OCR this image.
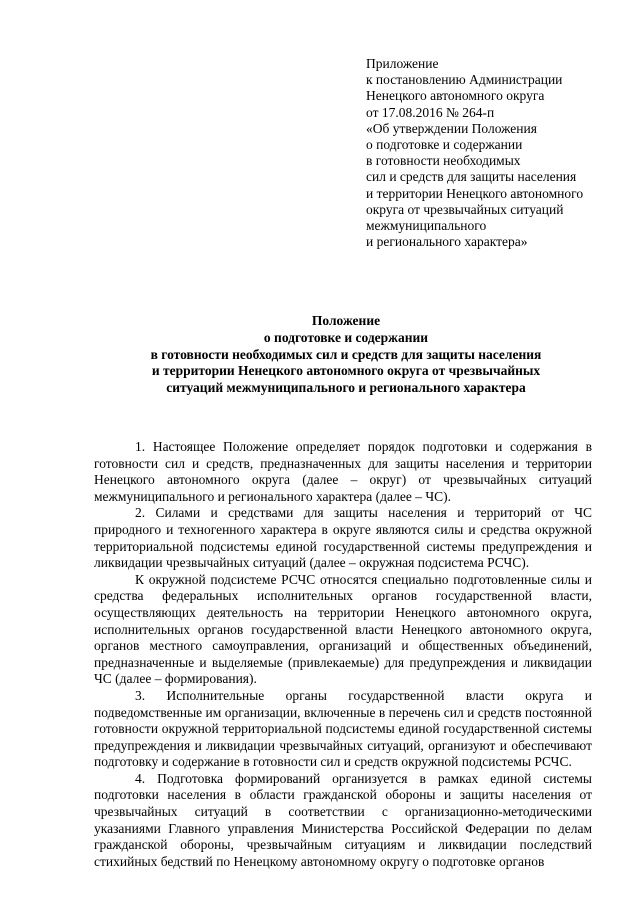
Приложение
к постановлению Администрации
Ненецкого автономного округа
от 17.08.2016 № 264-п
«Об утверждении Положения
о подготовке и содержании
в готовности необходимых
сил и средств для защиты населения
и территории Ненецкого автономного
округа от чрезвычайных ситуаций
межмуниципального
и регионального характера»
Положение
о подготовке и содержании
в готовности необходимых сил и средств для защиты населения
и территории Ненецкого автономного округа от чрезвычайных
ситуаций межмуниципального и регионального характера

1. Настоящее Положение определяет порядок подготовки и содержания в готовности сил и средств, предназначенных для защиты населения и территории Ненецкого автономного округа (далее – округ) от чрезвычайных ситуаций межмуниципального и регионального характера (далее – ЧС).

2. Силами и средствами для защиты населения и территорий от ЧС природного и техногенного характера в округе являются силы и средства окружной территориальной подсистемы единой государственной системы предупреждения и ликвидации чрезвычайных ситуаций (далее – окружная подсистема РСЧС).

К окружной подсистеме РСЧС относятся специально подготовленные силы и средства федеральных исполнительных органов государственной власти, осуществляющих деятельность на территории Ненецкого автономного округа, исполнительных органов государственной власти Ненецкого автономного округа, органов местного самоуправления, организаций и общественных объединений, предназначенные и выделяемые (привлекаемые) для предупреждения и ликвидации ЧС (далее – формирования).

3. Исполнительные органы государственной власти округа и подведомственные им организации, включенные в перечень сил и средств постоянной готовности окружной территориальной подсистемы единой государственной системы предупреждения и ликвидации чрезвычайных ситуаций, организуют и обеспечивают подготовку и содержание в готовности сил и средств окружной подсистемы РСЧС.

4. Подготовка формирований организуется в рамках единой системы подготовки населения в области гражданской обороны и защиты населения от чрезвычайных ситуаций в соответствии с организационно-методическими указаниями Главного управления Министерства Российской Федерации по делам гражданской обороны, чрезвычайным ситуациям и ликвидации последствий стихийных бедствий по Ненецкому автономному округу о подготовке органов
